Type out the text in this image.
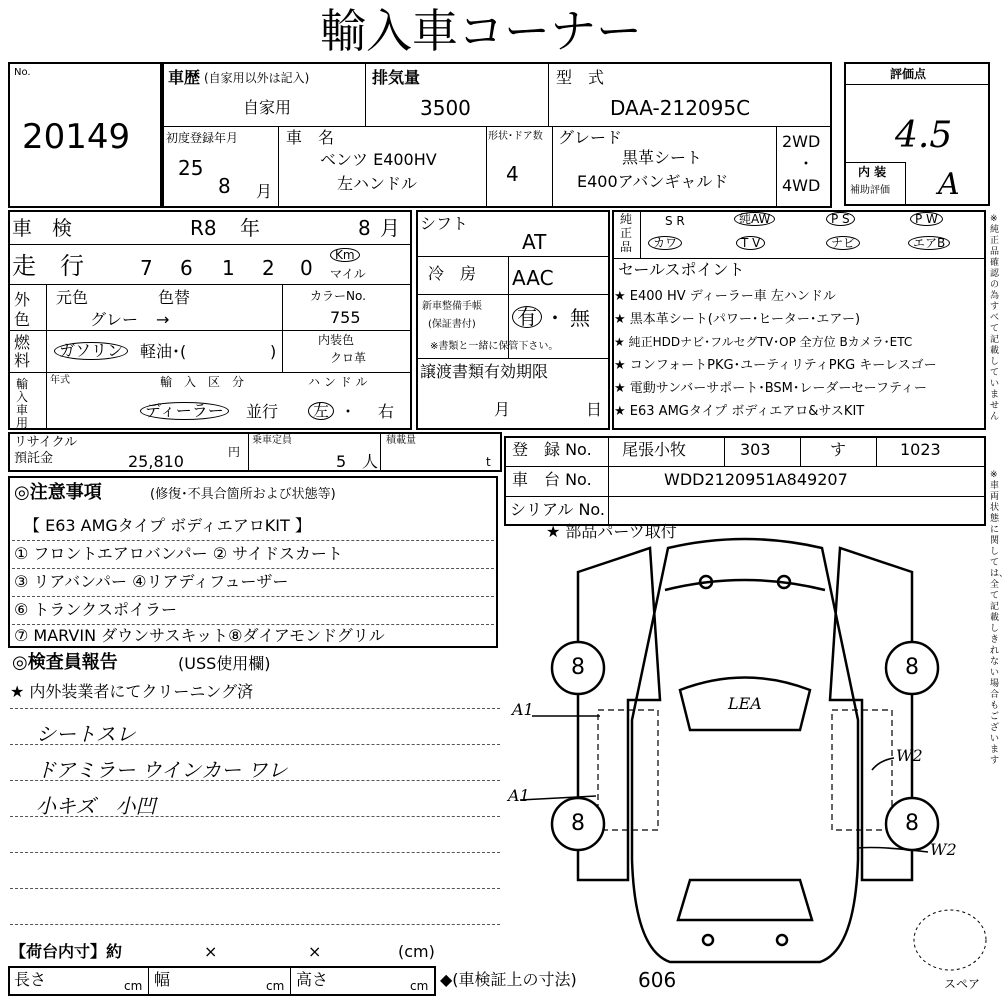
輸入車コーナー
No.
20149
車歴 (自家用以外は記入)
自家用
排気量
3500
型　式
DAA-212095C
初度登録年月
25
8 月
車　名
ベンツ E400HV
左ハンドル
形状･ドア数
4
グレード
黒革シート
E400アバンギャルド
2WD
･
4WD
評価点
4.5
内 装
補助評価 A
車　検	R8 年	8 月
走　行	7 6 1 2 0
Km
マイル
外色
元色	色替
グレー →
カラーNo.
755
燃料
ガソリン	軽油･(	)
内装色
クロ革
輸入車用
年式	輸　入　区　分	ハ ン ド ル
ディーラー	並行	左 ･ 右
シフト
AT
冷　房 AAC
新車整備手帳
(保証書付) 有 ･ 無
※書類と一緒に保管下さい。
譲渡書類有効期限
月	日
純正品
S R	純AW	P S	P W
カワ	T V	ナビ	エアB
セールスポイント
★ E400 HV ディーラー車 左ハンドル
★ 黒本革シート(パワー･ヒーター･エアー)
★ 純正HDDナビ･フルセグTV･OP 全方位 Bカメラ･ETC
★ コンフォートPKG･ユーティリティPKG キーレスゴー
★ 電動サンバーサポート･BSM･レーダーセーフティー
★ E63 AMGタイプ ボディエアロ&サスKIT
リサイクル
預託金	25,810	円
乗車定員
5 人
積載量
t
登　録 No. 尾張小牧	303	す	1023
車　台 No.	WDD2120951A849207
シリアル No.
◎注意事項	(修復･不具合箇所および状態等)
【 E63 AMGタイプ ボディエアロKIT 】
① フロントエアロバンパー ② サイドスカート
③ リアバンパー ④リアディフューザー
⑥ トランクスポイラー
⑦ MARVIN ダウンサスキット⑧ダイアモンドグリル
◎検査員報告	(USS使用欄)
★ 内外装業者にてクリーニング済
シートスレ
ドアミラー ウインカー ワレ
小キズ　小凹
★ 部品パーツ取付
8	8
8	8
A1
A1
W2
W2
LEA
【荷台内寸】約	×	×	(cm)
長さ	cm 幅	cm 高さ	cm ◆(車検証上の寸法)	606	スペア
※純正品確認の為すべて記載していません
※車両状態に関しては、全て記載しきれない場合もございます
